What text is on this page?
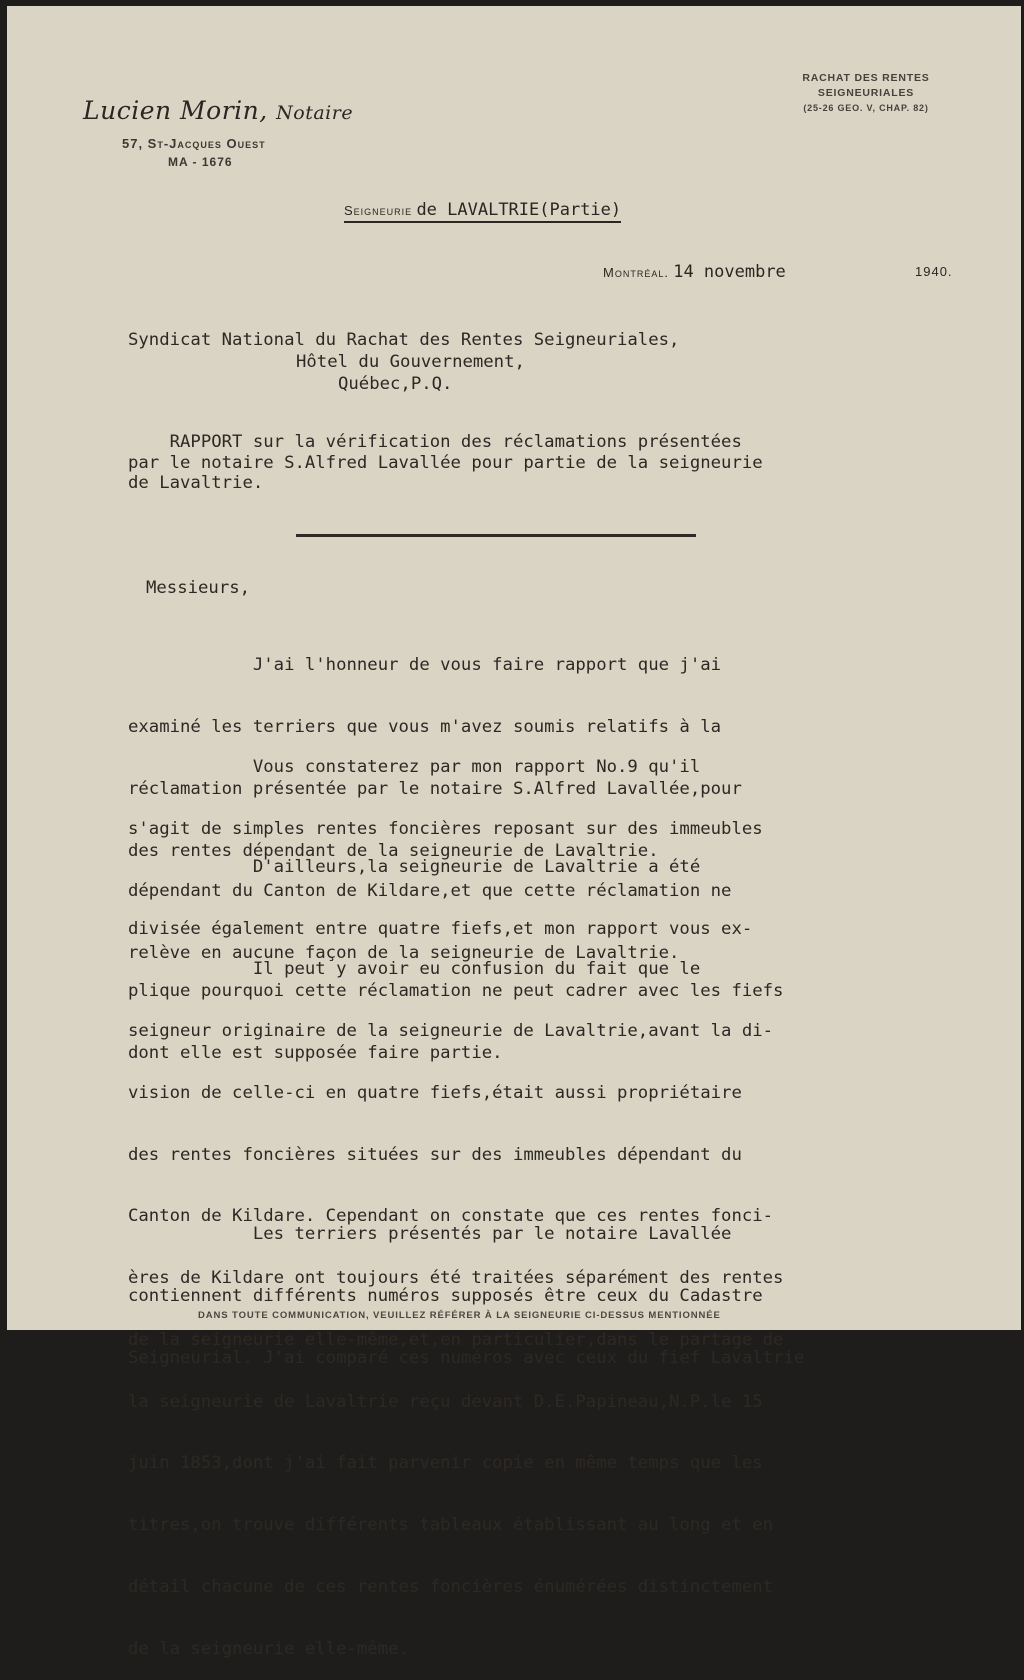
Lucien Morin, Notaire
57, St-Jacques Ouest
MA - 1676
RACHAT DES RENTES
SEIGNEURIALES
(25-26 GEO. V, CHAP. 82)
Seigneurie de LAVALTRIE(Partie)
Montréal. 14 novembre	1940.
Syndicat National du Rachat des Rentes Seigneuriales,
Hôtel du Gouvernement,
Québec,P.Q.
RAPPORT sur la vérification des réclamations présentées
par le notaire S.Alfred Lavallée pour partie de la seigneurie
de Lavaltrie.
Messieurs,

J'ai l'honneur de vous faire rapport que j'ai

examiné les terriers que vous m'avez soumis relatifs à la

réclamation présentée par le notaire S.Alfred Lavallée,pour

des rentes dépendant de la seigneurie de Lavaltrie.

Vous constaterez par mon rapport No.9 qu'il

s'agit de simples rentes foncières reposant sur des immeubles

dépendant du Canton de Kildare,et que cette réclamation ne

relève en aucune façon de la seigneurie de Lavaltrie.

D'ailleurs,la seigneurie de Lavaltrie a été

divisée également entre quatre fiefs,et mon rapport vous ex-

plique pourquoi cette réclamation ne peut cadrer avec les fiefs

dont elle est supposée faire partie.

Il peut y avoir eu confusion du fait que le

seigneur originaire de la seigneurie de Lavaltrie,avant la di-

vision de celle-ci en quatre fiefs,était aussi propriétaire

des rentes foncières situées sur des immeubles dépendant du

Canton de Kildare. Cependant on constate que ces rentes fonci-

ères de Kildare ont toujours été traitées séparément des rentes

de la seigneurie elle-même,et,en particulier,dans le partage de

la seigneurie de Lavaltrie reçu devant D.E.Papineau,N.P.le 15

juin 1853,dont j'ai fait parvenir copie en même temps que les

titres,on trouve différents tableaux établissant au long et en

détail chacune de ces rentes foncières énumérées distinctement

de la seigneurie elle-même.

Les terriers présentés par le notaire Lavallée

contiennent différents numéros supposés être ceux du Cadastre

Seigneurial. J'ai comparé ces numéros avec ceux du fief Lavaltrie

DANS TOUTE COMMUNICATION, VEUILLEZ RÉFÉRER À LA SEIGNEURIE CI-DESSUS MENTIONNÉE
